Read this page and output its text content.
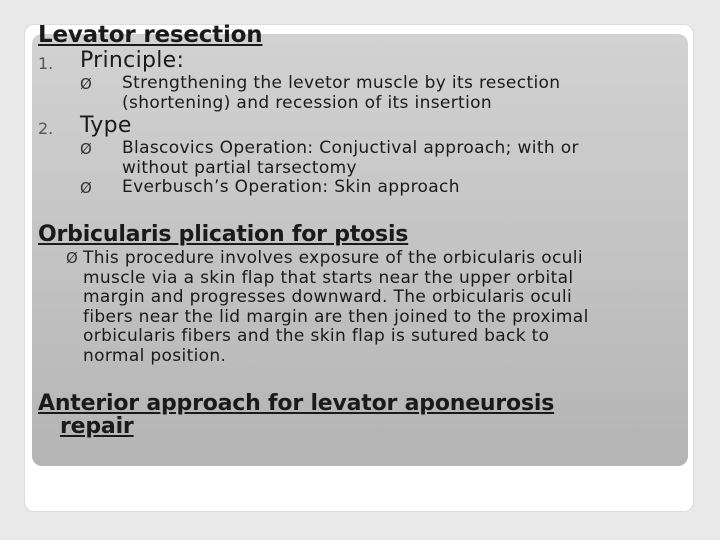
Levator resection
1. Principle:
Ø Strengthening the levetor muscle by its resection
(shortening) and recession of its insertion
2. Type
Ø Blascovics Operation: Conjuctival approach; with or
without partial tarsectomy
Ø Everbusch’s Operation: Skin approach
Orbicularis plication for ptosis
Ø This procedure involves exposure of the orbicularis oculi
muscle via a skin flap that starts near the upper orbital
margin and progresses downward. The orbicularis oculi
fibers near the lid margin are then joined to the proximal
orbicularis fibers and the skin flap is sutured back to
normal position.
Anterior approach for levator aponeurosis
repair
